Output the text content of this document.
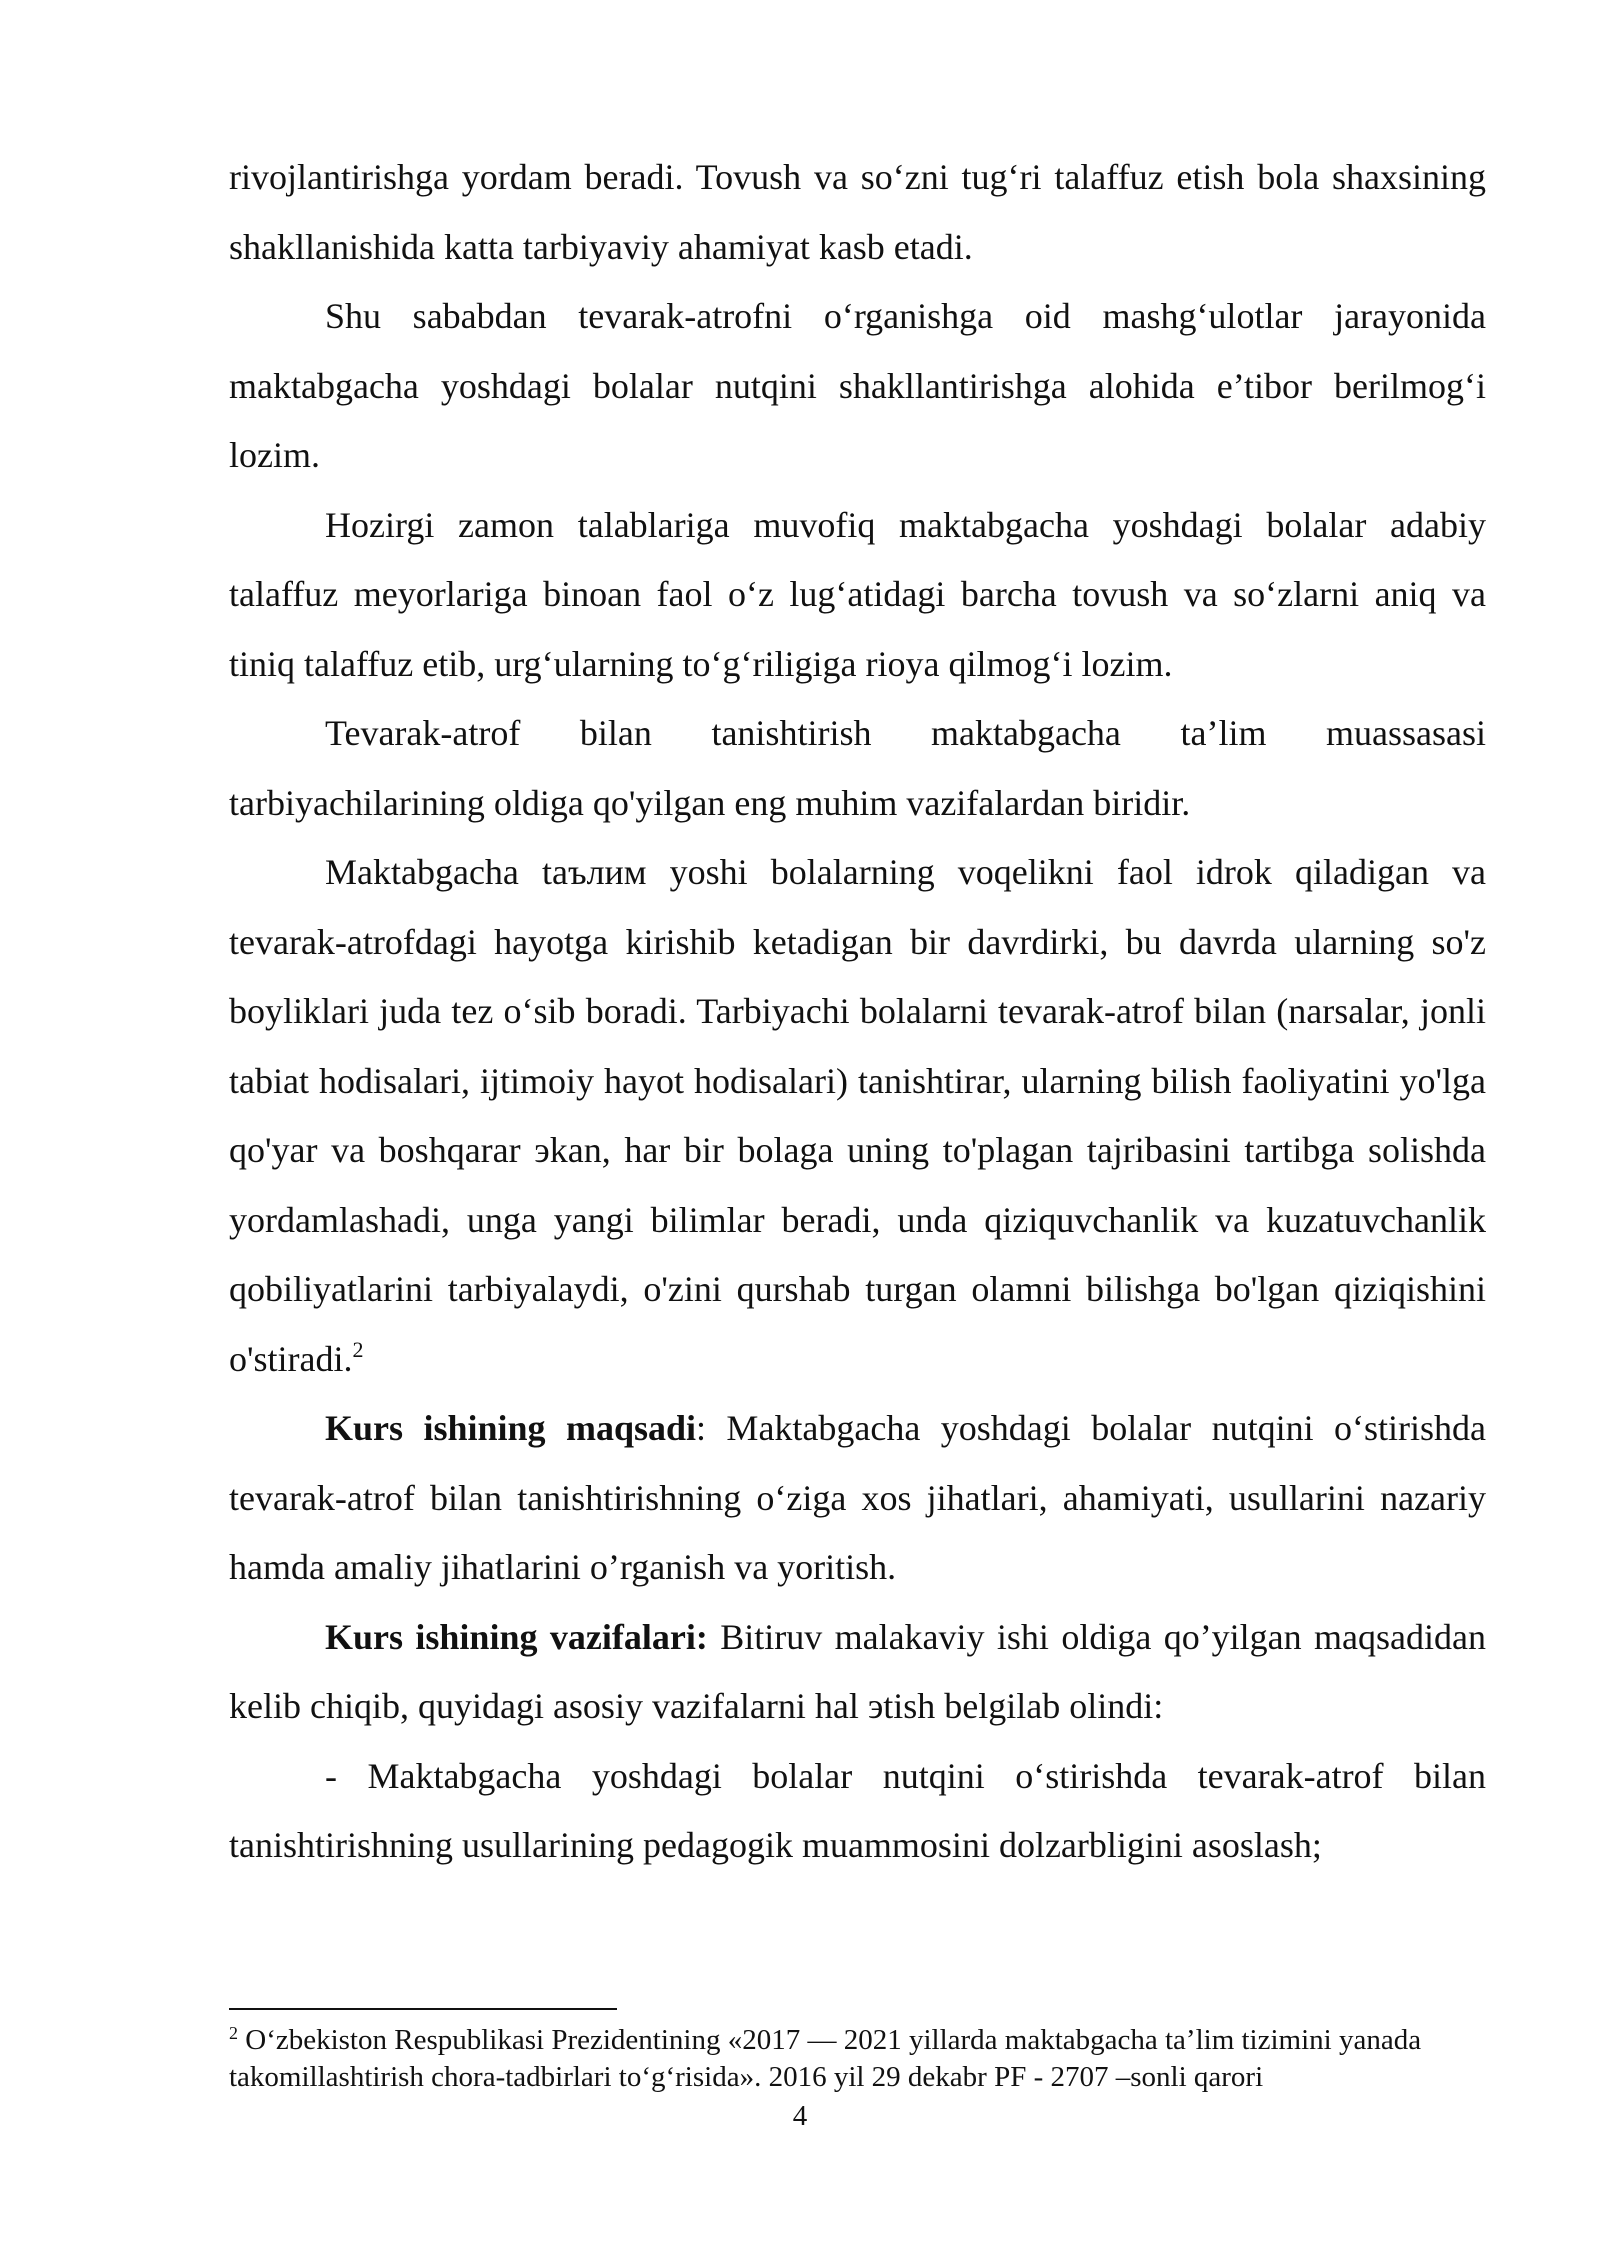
rivojlantirishga yordam beradi. Tovush va so‘zni tug‘ri talaffuz etish bola shaxsining shakllanishida katta tarbiyaviy ahamiyat kasb etadi.

Shu sababdan tevarak-atrofni o‘rganishga oid mashg‘ulotlar jarayonida maktabgacha yoshdagi bolalar nutqini shakllantirishga alohida e’tibor berilmog‘i lozim.

Hozirgi zamon talablariga muvofiq maktabgacha yoshdagi bolalar adabiy talaffuz meyorlariga binoan faol o‘z lug‘atidagi barcha tovush va so‘zlarni aniq va tiniq talaffuz etib, urg‘ularning to‘g‘riligiga rioya qilmog‘i lozim.

Tevarak-atrof bilan tanishtirish maktabgacha ta’lim muassasasi tarbiyachilarining oldiga qo'yilgan eng muhim vazifalardan biridir.

Maktabgacha taълим yoshi bolalarning voqelikni faol idrok qiladigan va tevarak-atrofdagi hayotga kirishib ketadigan bir davrdirki, bu davrda ularning so'z boyliklari juda tez o‘sib boradi. Tarbiyachi bolalarni tevarak-atrof bilan (narsalar, jonli tabiat hodisalari, ijtimoiy hayot hodisalari) tanishtirar, ularning bilish faoliyatini yo'lga qo'yar va boshqarar эkan, har bir bolaga uning to'plagan tajribasini tartibga solishda yordamlashadi, unga yangi bilimlar beradi, unda qiziquvchanlik va kuzatuvchanlik qobiliyatlarini tarbiyalaydi, o'zini qurshab turgan olamni bilishga bo'lgan qiziqishini o'stiradi.$^2$

Kurs ishining maqsadi: Maktabgacha yoshdagi bolalar nutqini o‘stirishda tevarak-atrof bilan tanishtirishning o‘ziga xos jihatlari, ahamiyati, usullarini nazariy hamda amaliy jihatlarini o’rganish va yoritish.

Kurs ishining vazifalari: Bitiruv malakaviy ishi oldiga qo’yilgan maqsadidan kelib chiqib, quyidagi asosiy vazifalarni hal эtish belgilab olindi:

- Maktabgacha yoshdagi bolalar nutqini o‘stirishda tevarak-atrof bilan tanishtirishning usullarining pedagogik muammosini dolzarbligini asoslash;

$^2$ O‘zbekiston Respublikasi Prezidentining «2017 — 2021 yillarda maktabgacha ta’lim tizimini yanada takomillashtirish chora-tadbirlari to‘g‘risida». 2016 yil 29 dekabr PF - 2707 –sonli qarori
4
